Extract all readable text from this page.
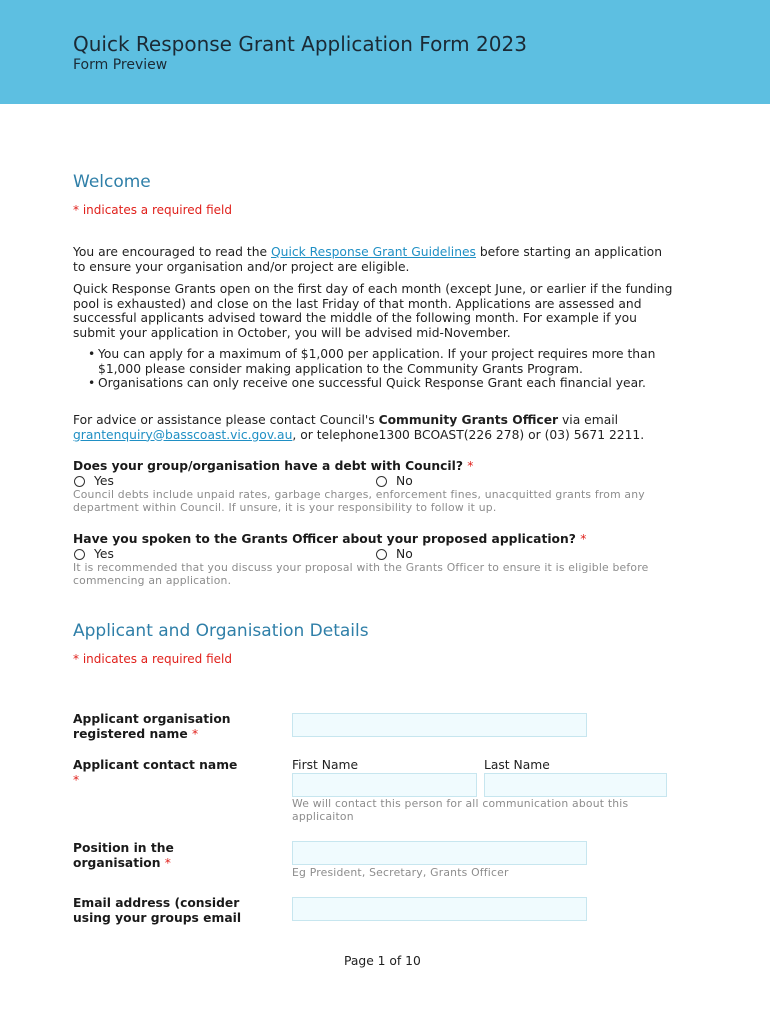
Quick Response Grant Application Form 2023
Form Preview
Welcome
* indicates a required field
You are encouraged to read the Quick Response Grant Guidelines before starting an application to ensure your organisation and/or project are eligible.
Quick Response Grants open on the first day of each month (except June, or earlier if the funding pool is exhausted) and close on the last Friday of that month. Applications are assessed and successful applicants advised toward the middle of the following month. For example if you submit your application in October, you will be advised mid-November.
• You can apply for a maximum of $1,000 per application. If your project requires more than $1,000 please consider making application to the Community Grants Program.
• Organisations can only receive one successful Quick Response Grant each financial year.
For advice or assistance please contact Council's Community Grants Officer via email grantenquiry@basscoast.vic.gov.au, or telephone1300 BCOAST(226 278) or (03) 5671 2211.
Does your group/organisation have a debt with Council? *
Yes	No
Council debts include unpaid rates, garbage charges, enforcement fines, unacquitted grants from any department within Council. If unsure, it is your responsibility to follow it up.
Have you spoken to the Grants Officer about your proposed application? *
Yes	No
It is recommended that you discuss your proposal with the Grants Officer to ensure it is eligible before commencing an application.
Applicant and Organisation Details
* indicates a required field
Applicant organisation registered name *
Applicant contact name
*
First Name	Last Name
We will contact this person for all communication about this applicaiton
Position in the organisation *
Eg President, Secretary, Grants Officer
Email address (consider using your groups email
Page 1 of 10
